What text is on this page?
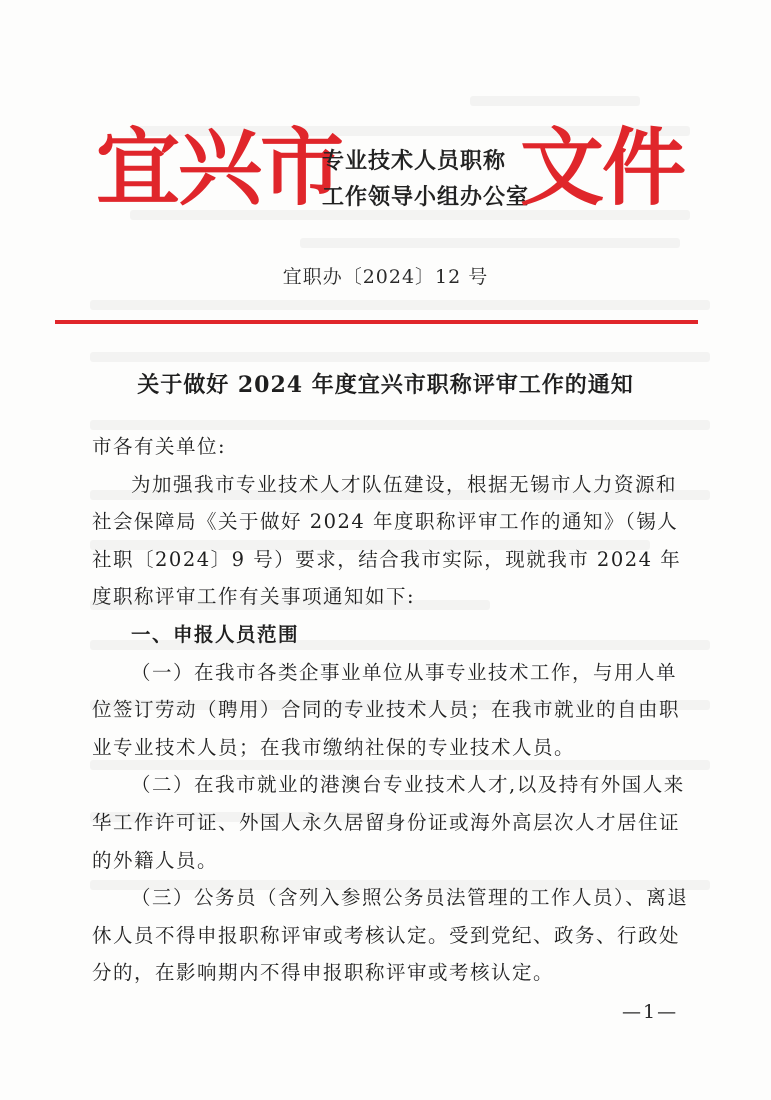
宜兴市
专业技术人员职称
工作领导小组办公室
文件
宜职办〔2024〕12 号
关于做好 2024 年度宜兴市职称评审工作的通知

市各有关单位:

为加强我市专业技术人才队伍建设，根据无锡市人力资源和社会保障局《关于做好 2024 年度职称评审工作的通知》（锡人社职〔2024〕9 号）要求，结合我市实际，现就我市 2024 年度职称评审工作有关事项通知如下:

一、申报人员范围

（一）在我市各类企事业单位从事专业技术工作，与用人单位签订劳动（聘用）合同的专业技术人员；在我市就业的自由职业专业技术人员；在我市缴纳社保的专业技术人员。

（二）在我市就业的港澳台专业技术人才,以及持有外国人来华工作许可证、外国人永久居留身份证或海外高层次人才居住证的外籍人员。

（三）公务员（含列入参照公务员法管理的工作人员）、离退休人员不得申报职称评审或考核认定。受到党纪、政务、行政处分的，在影响期内不得申报职称评审或考核认定。

—1—
